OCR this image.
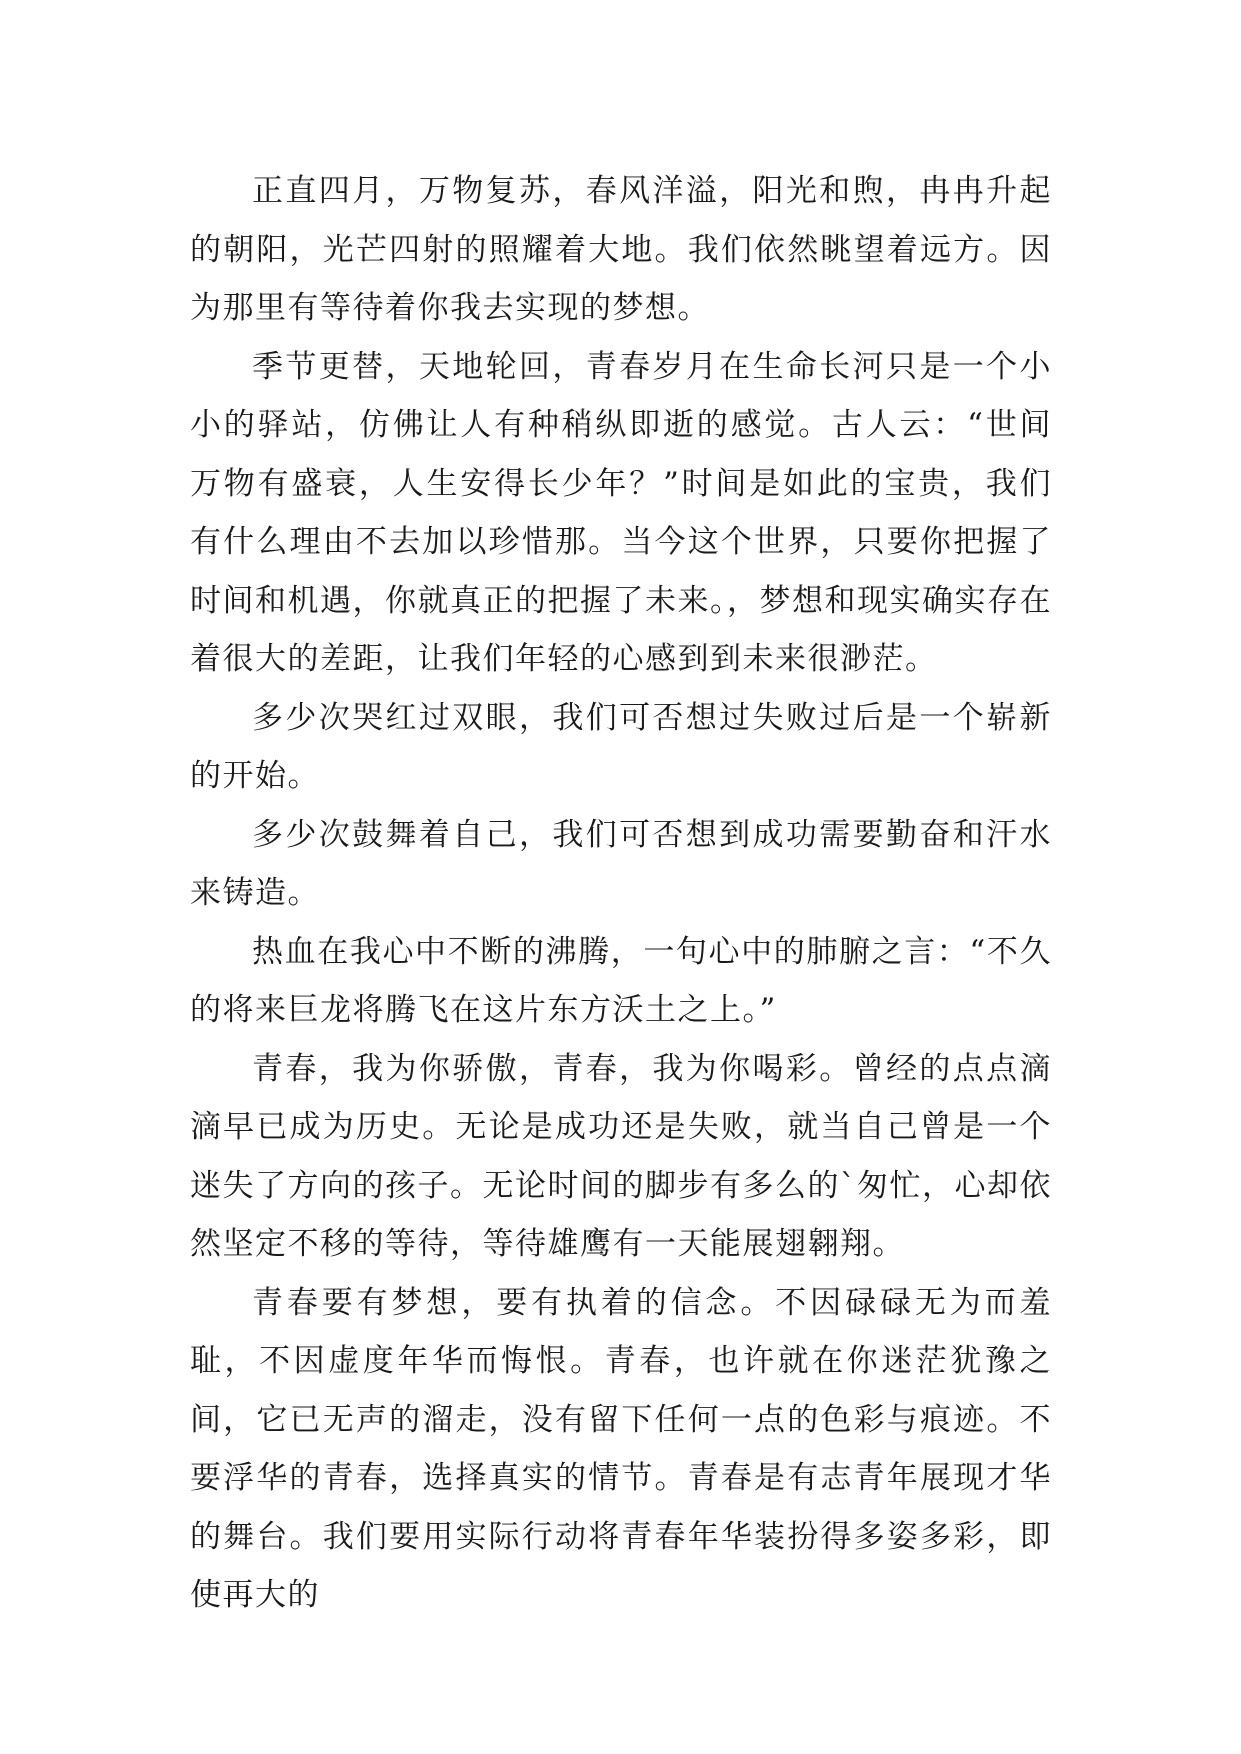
正直四月，万物复苏，春风洋溢，阳光和煦，冉冉升起的朝阳，光芒四射的照耀着大地。我们依然眺望着远方。因为那里有等待着你我去实现的梦想。

季节更替，天地轮回，青春岁月在生命长河只是一个小小的驿站，仿佛让人有种稍纵即逝的感觉。古人云：“世间万物有盛衰，人生安得长少年？”时间是如此的宝贵，我们有什么理由不去加以珍惜那。当今这个世界，只要你把握了时间和机遇，你就真正的把握了未来。，梦想和现实确实存在着很大的差距，让我们年轻的心感到到未来很渺茫。

多少次哭红过双眼，我们可否想过失败过后是一个崭新的开始。

多少次鼓舞着自己，我们可否想到成功需要勤奋和汗水来铸造。

热血在我心中不断的沸腾，一句心中的肺腑之言：“不久的将来巨龙将腾飞在这片东方沃土之上。”

青春，我为你骄傲，青春，我为你喝彩。曾经的点点滴滴早已成为历史。无论是成功还是失败，就当自己曾是一个迷失了方向的孩子。无论时间的脚步有多么的`匆忙，心却依然坚定不移的等待，等待雄鹰有一天能展翅翱翔。

青春要有梦想，要有执着的信念。不因碌碌无为而羞耻，不因虚度年华而悔恨。青春，也许就在你迷茫犹豫之间，它已无声的溜走，没有留下任何一点的色彩与痕迹。不要浮华的青春，选择真实的情节。青春是有志青年展现才华的舞台。我们要用实际行动将青春年华装扮得多姿多彩，即使再大的
